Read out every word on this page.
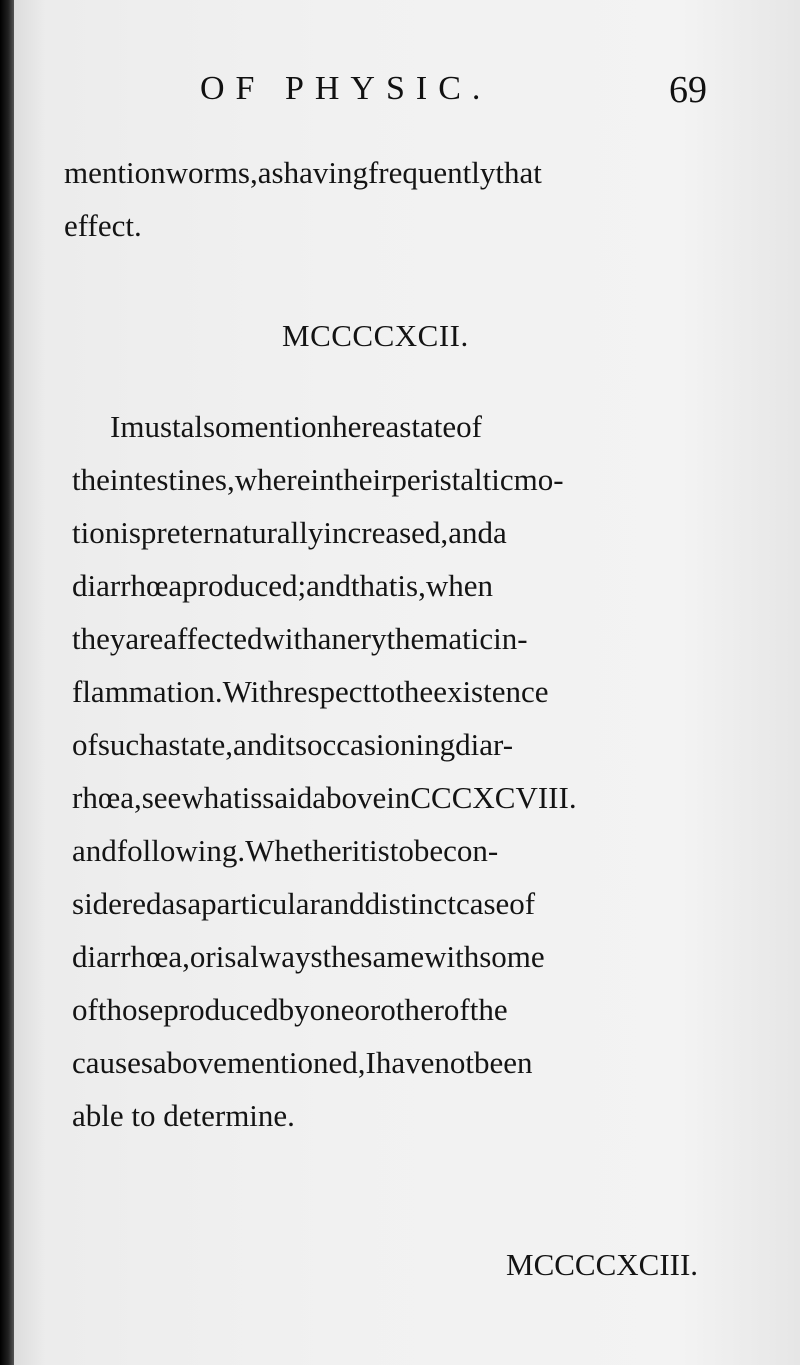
OF PHYSIC.	69
mentionworms,ashavingfrequentlythat
effect.
MCCCCXCII.
Imustalsomentionhereastateof
theintestines,whereintheirperistalticmo-
tionispreternaturallyincreased,anda
diarrhœaproduced;andthatis,when
theyareaffectedwithanerythematicin-
flammation.Withrespecttotheexistence
ofsuchastate,anditsoccasioningdiar-
rhœa,seewhatissaidaboveinCCCXCVIII.
andfollowing.Whetheritistobecon-
sideredasaparticularanddistinctcaseof
diarrhœa,orisalwaysthesamewithsome
ofthoseproducedbyoneorotherofthe
causesabovementioned,Ihavenotbeen
able to determine.
MCCCCXCIII.
